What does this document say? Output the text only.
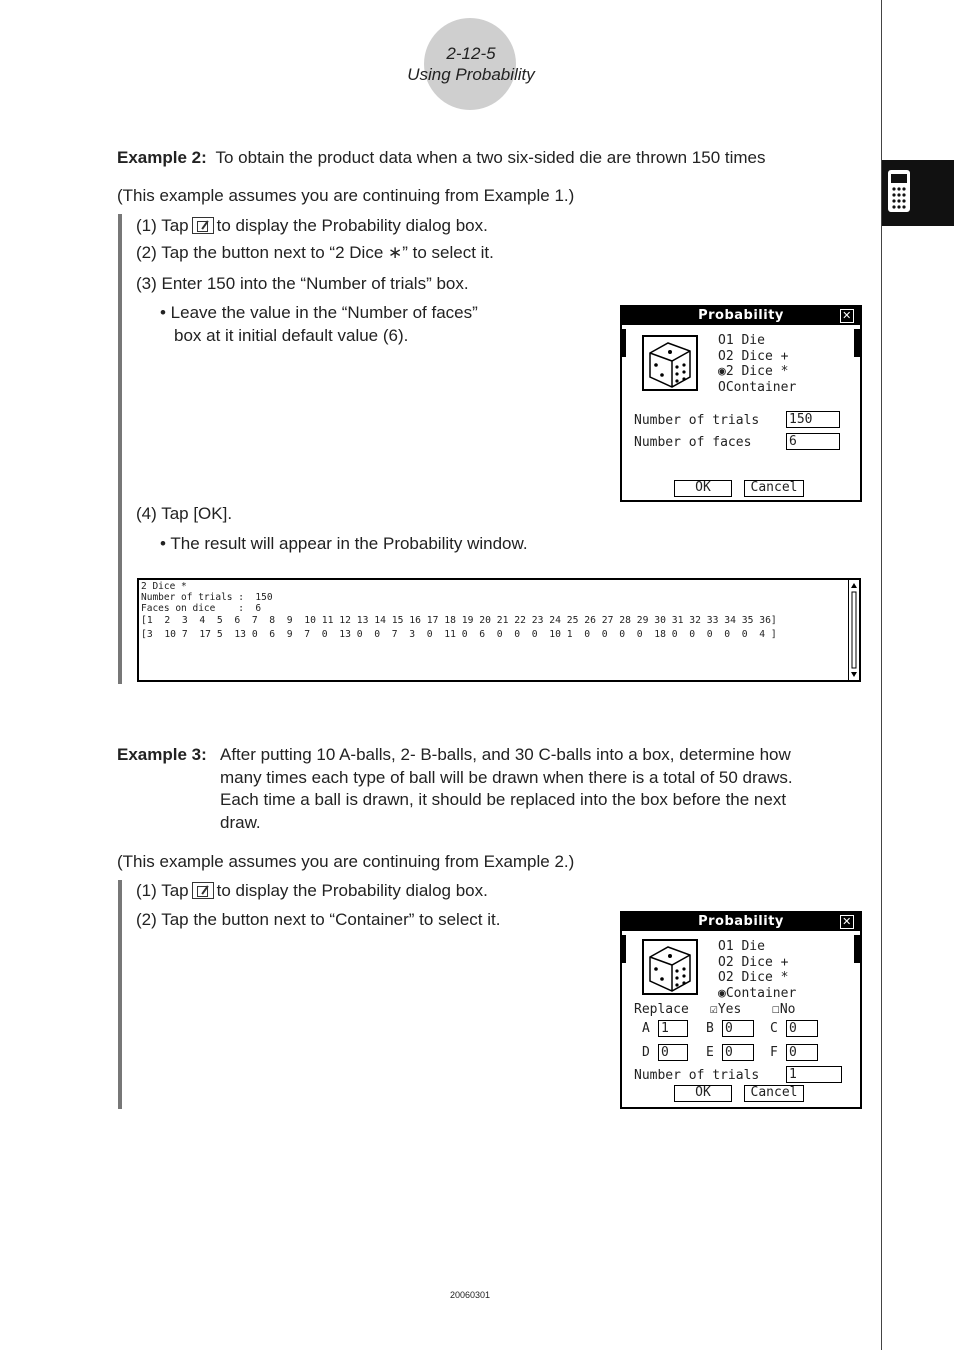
2-12-5
Using Probability
Example 2: To obtain the product data when a two six-sided die are thrown 150 times
(This example assumes you are continuing from Example 1.)
(1) Tap to display the Probability dialog box.
(2) Tap the button next to “2 Dice ∗” to select it.
(3) Enter 150 into the “Number of trials” box.
• Leave the value in the “Number of faces”
box at it initial default value (6).
(4) Tap [OK].
• The result will appear in the Probability window.
Probability	✕
O1 Die
O2 Dice +
◉2 Dice *
OContainer
Number of trials 150
Number of faces	6
OK	Cancel
2 Dice *
Number of trials :  150
Faces on dice    :  6
[1  2  3  4  5  6  7  8  9  10 11 12 13 14 15 16 17 18 19 20 21 22 23 24 25 26 27 28 29 30 31 32 33 34 35 36]
[3  10 7  17 5  13 0  6  9  7  0  13 0  0  7  3  0  11 0  6  0  0  0  10 1  0  0  0  0  18 0  0  0  0  0  4 ]
Example 3: After putting 10 A-balls, 2- B-balls, and 30 C-balls into a box, determine how
many times each type of ball will be drawn when there is a total of 50 draws.
Each time a ball is drawn, it should be replaced into the box before the next
draw.
(This example assumes you are continuing from Example 2.)
(1) Tap to display the Probability dialog box.
(2) Tap the button next to “Container” to select it.	Probability	✕
O1 Die
O2 Dice +
O2 Dice *
◉Container
Replace ☑Yes ☐No
A 1	B 0	C 0
D 0	E 0	F 0
Number of trials 1
OK	Cancel
20060301
